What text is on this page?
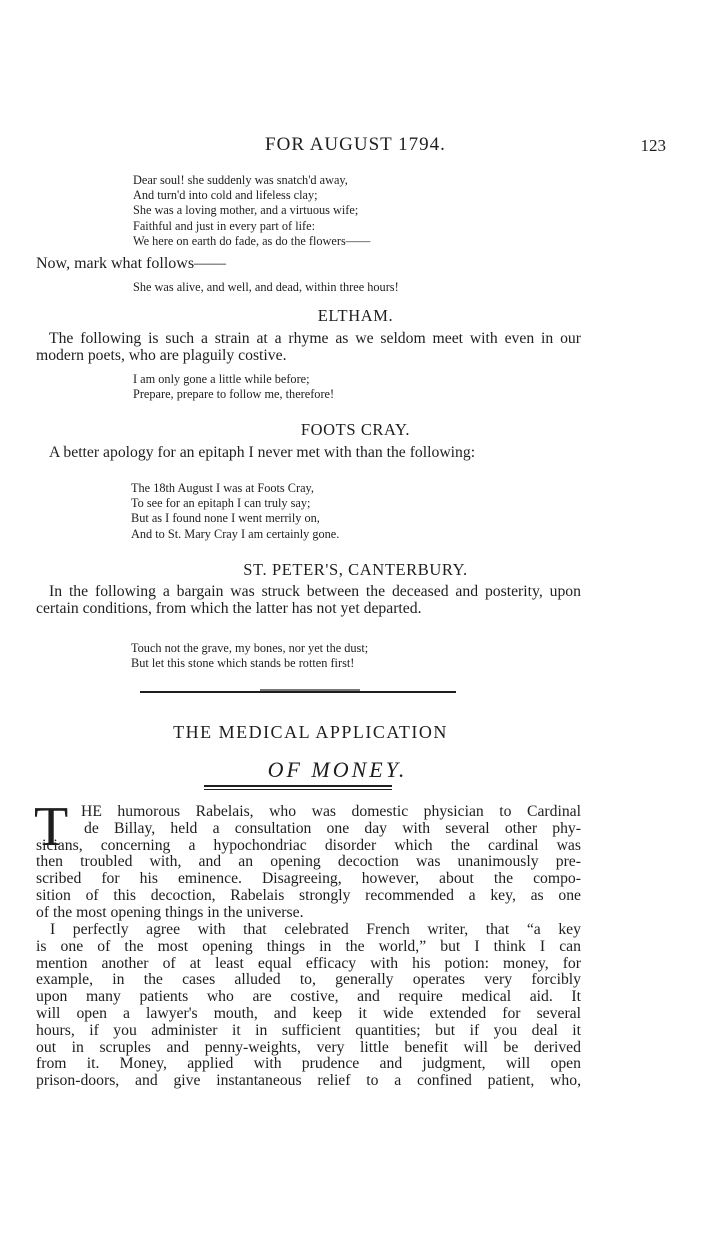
FOR AUGUST 1794.	123
Dear soul! she suddenly was snatch'd away,
And turn'd into cold and lifeless clay;
She was a loving mother, and a virtuous wife;
Faithful and just in every part of life:
We here on earth do fade, as do the flowers——
Now, mark what follows——
She was alive, and well, and dead, within three hours!
ELTHAM.

The following is such a strain at a rhyme as we seldom meet with even in our modern poets, who are plaguily costive.

I am only gone a little while before;
Prepare, prepare to follow me, therefore!
FOOTS CRAY.

A better apology for an epitaph I never met with than the following:

The 18th August I was at Foots Cray,
To see for an epitaph I can truly say;
But as I found none I went merrily on,
And to St. Mary Cray I am certainly gone.
ST. PETER'S, CANTERBURY.

In the following a bargain was struck between the deceased and posterity, upon certain conditions, from which the latter has not yet departed.

Touch not the grave, my bones, nor yet the dust;
But let this stone which stands be rotten first!
THE MEDICAL APPLICATION
OF MONEY.
T HE humorous Rabelais, who was domestic physician to Cardinal
de Billay, held a consultation one day with several other phy-
sicians, concerning a hypochondriac disorder which the cardinal was
then troubled with, and an opening decoction was unanimously pre-
scribed for his eminence. Disagreeing, however, about the compo-
sition of this decoction, Rabelais strongly recommended a key, as one
of the most opening things in the universe.
I perfectly agree with that celebrated French writer, that “a key
is one of the most opening things in the world,” but I think I can
mention another of at least equal efficacy with his potion: money, for
example, in the cases alluded to, generally operates very forcibly
upon many patients who are costive, and require medical aid. It
will open a lawyer's mouth, and keep it wide extended for several
hours, if you administer it in sufficient quantities; but if you deal it
out in scruples and penny-weights, very little benefit will be derived
from it. Money, applied with prudence and judgment, will open
prison-doors, and give instantaneous relief to a confined patient, who,
